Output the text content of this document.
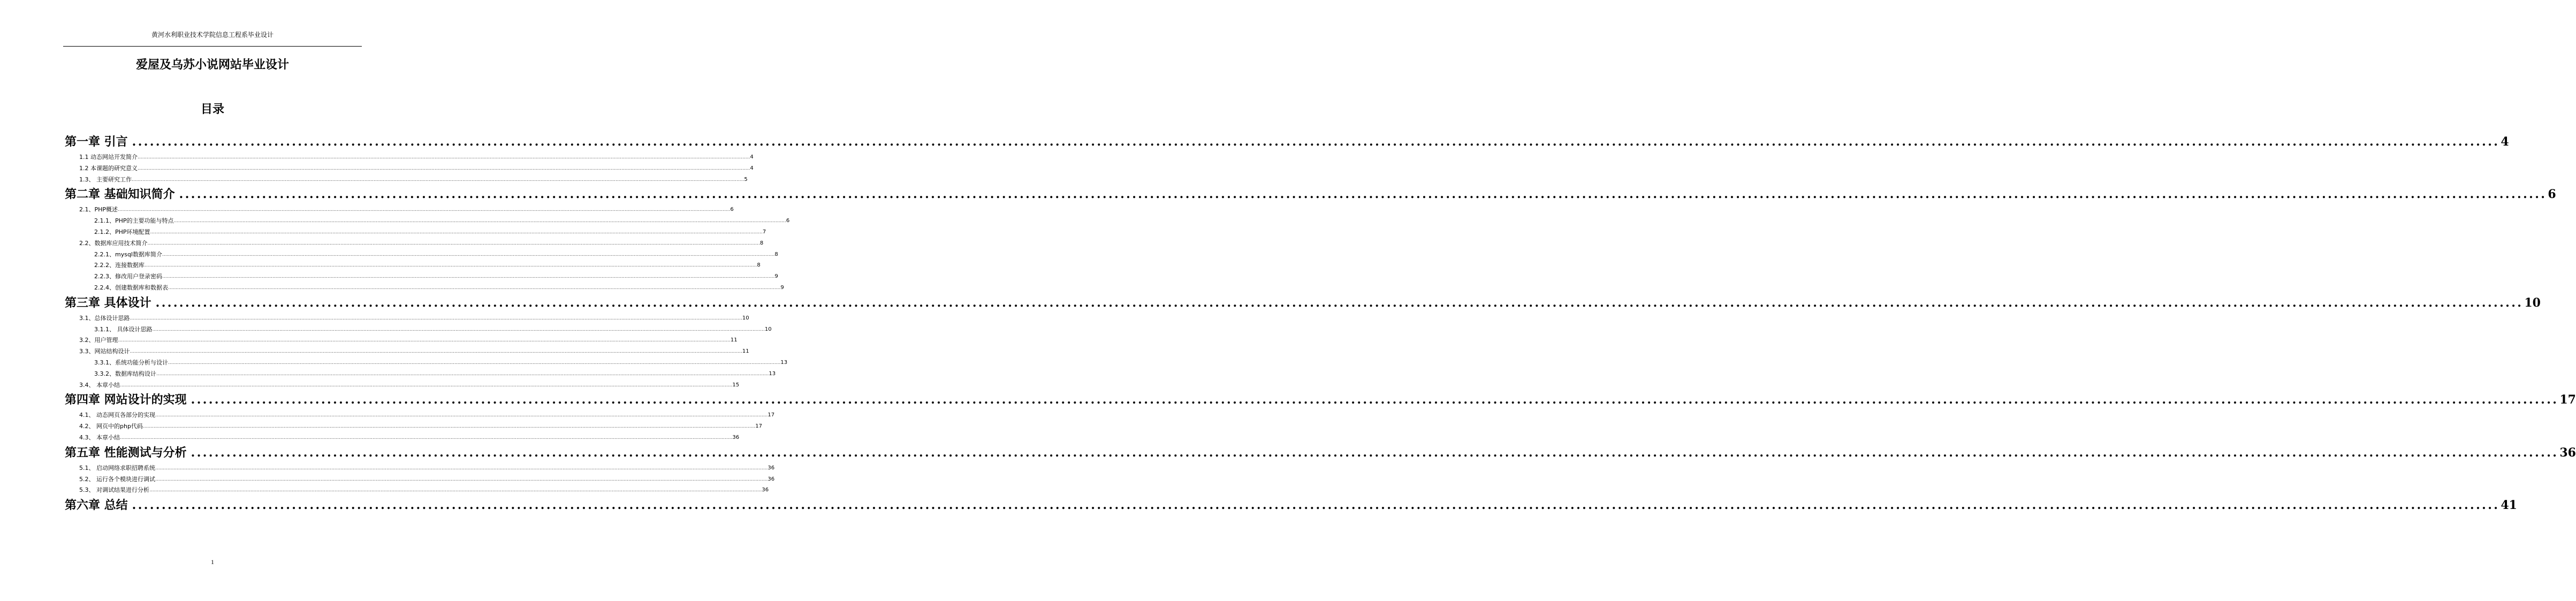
黄河水利职业技术学院信息工程系毕业设计
爱屋及乌苏小说网站毕业设计
目录
第一章 引言 ................................................................................................................................................................................................................................................................................................................................................................................................................ 4
1.1 动态网站开发简介 ................................................................................................................................................................................................................................................................................................................................................................................................................ 4
1.2 本课题的研究意义 ................................................................................................................................................................................................................................................................................................................................................................................................................ 4
1.3、 主要研究工作 ................................................................................................................................................................................................................................................................................................................................................................................................................ 5
第二章 基础知识简介 ................................................................................................................................................................................................................................................................................................................................................................................................................ 6
2.1、PHP概述 ................................................................................................................................................................................................................................................................................................................................................................................................................ 6
2.1.1、PHP的主要功能与特点 ................................................................................................................................................................................................................................................................................................................................................................................................................ 6
2.1.2、PHP环境配置 ................................................................................................................................................................................................................................................................................................................................................................................................................ 7
2.2、数据库应用技术简介 ................................................................................................................................................................................................................................................................................................................................................................................................................ 8
2.2.1、mysql数据库简介 ................................................................................................................................................................................................................................................................................................................................................................................................................ 8
2.2.2、连接数据库 ................................................................................................................................................................................................................................................................................................................................................................................................................ 8
2.2.3、修改用户登录密码 ................................................................................................................................................................................................................................................................................................................................................................................................................ 9
2.2.4、创建数据库和数据表 ................................................................................................................................................................................................................................................................................................................................................................................................................ 9
第三章 具体设计 ................................................................................................................................................................................................................................................................................................................................................................................................................ 10
3.1、总体设计思路 ................................................................................................................................................................................................................................................................................................................................................................................................................ 10
3.1.1、 具体设计思路 ................................................................................................................................................................................................................................................................................................................................................................................................................ 10
3.2、用户管理 ................................................................................................................................................................................................................................................................................................................................................................................................................ 11
3.3、网站结构设计 ................................................................................................................................................................................................................................................................................................................................................................................................................ 11
3.3.1、系统功能分析与设计 ................................................................................................................................................................................................................................................................................................................................................................................................................ 13
3.3.2、数据库结构设计 ................................................................................................................................................................................................................................................................................................................................................................................................................ 13
3.4、 本章小结 ................................................................................................................................................................................................................................................................................................................................................................................................................ 15
第四章 网站设计的实现 ................................................................................................................................................................................................................................................................................................................................................................................................................ 17
4.1、 动态网页各部分的实现 ................................................................................................................................................................................................................................................................................................................................................................................................................ 17
4.2、 网页中的php代码 ................................................................................................................................................................................................................................................................................................................................................................................................................ 17
4.3、 本章小结 ................................................................................................................................................................................................................................................................................................................................................................................................................ 36
第五章 性能测试与分析 ................................................................................................................................................................................................................................................................................................................................................................................................................ 36
5.1、 启动网络求职招聘系统 ................................................................................................................................................................................................................................................................................................................................................................................................................ 36
5.2、 运行各个模块进行调试 ................................................................................................................................................................................................................................................................................................................................................................................................................ 36
5.3、 对调试结果进行分析 ................................................................................................................................................................................................................................................................................................................................................................................................................ 36
第六章 总结 ................................................................................................................................................................................................................................................................................................................................................................................................................ 41
1
